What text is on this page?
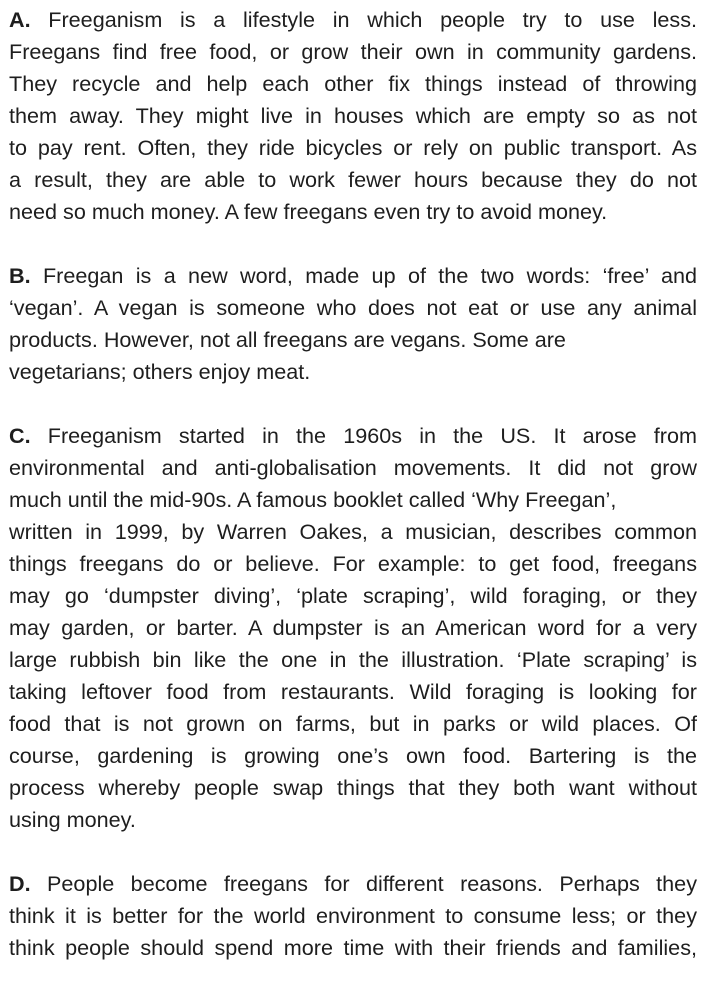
A. Freeganism is a lifestyle in which people try to use less.
Freegans find free food, or grow their own in community gardens.
They recycle and help each other fix things instead of throwing
them away. They might live in houses which are empty so as not
to pay rent. Often, they ride bicycles or rely on public transport. As
a result, they are able to work fewer hours because they do not
need so much money. A few freegans even try to avoid money.
B. Freegan is a new word, made up of the two words: ‘free’ and
‘vegan’. A vegan is someone who does not eat or use any animal
products. However, not all freegans are vegans. Some are
vegetarians; others enjoy meat.
C. Freeganism started in the 1960s in the US. It arose from
environmental and anti-globalisation movements. It did not grow
much until the mid-90s. A famous booklet called ‘Why Freegan’,
written in 1999, by Warren Oakes, a musician, describes common
things freegans do or believe. For example: to get food, freegans
may go ‘dumpster diving’, ‘plate scraping’, wild foraging, or they
may garden, or barter. A dumpster is an American word for a very
large rubbish bin like the one in the illustration. ‘Plate scraping’ is
taking leftover food from restaurants. Wild foraging is looking for
food that is not grown on farms, but in parks or wild places. Of
course, gardening is growing one’s own food. Bartering is the
process whereby people swap things that they both want without
using money.
D. People become freegans for different reasons. Perhaps they
think it is better for the world environment to consume less; or they
think people should spend more time with their friends and families,
